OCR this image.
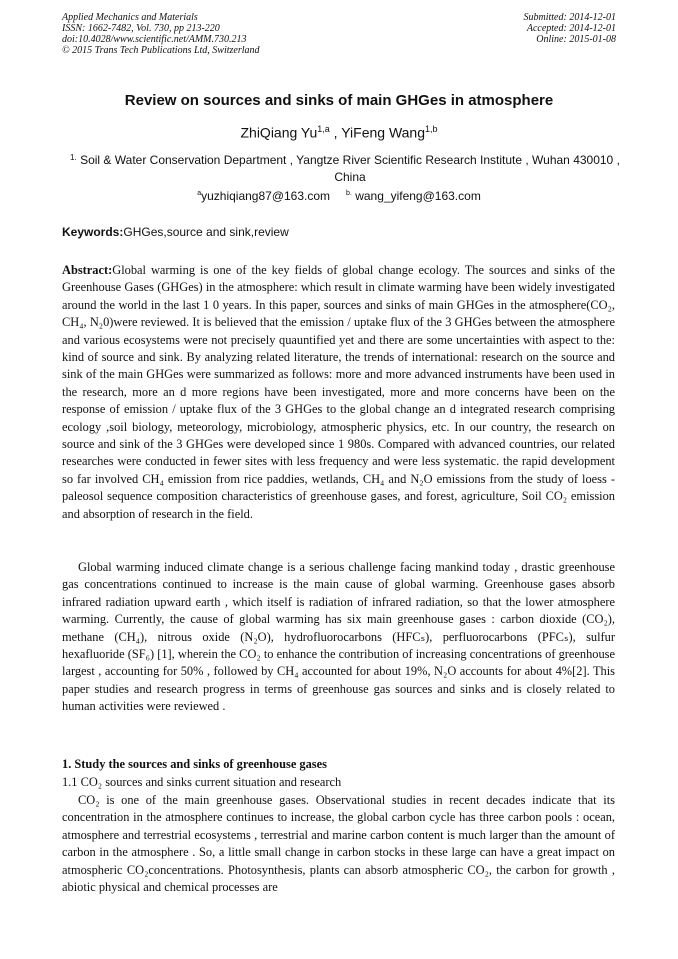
Applied Mechanics and Materials
ISSN: 1662-7482, Vol. 730, pp 213-220
doi:10.4028/www.scientific.net/AMM.730.213
© 2015 Trans Tech Publications Ltd, Switzerland
Submitted: 2014-12-01
Accepted: 2014-12-01
Online: 2015-01-08
Review on sources and sinks of main GHGes in atmosphere
ZhiQiang Yu$^{1,a}$ , YiFeng Wang$^{1,b}$
1. Soil & Water Conservation Department , Yangtze River Scientific Research Institute , Wuhan 430010 , China
$^a$yuzhiqiang87@163.com $^{b.}$ wang_yifeng@163.com
Keywords:GHGes,source and sink,review
Abstract:Global warming is one of the key fields of global change ecology. The sources and sinks of the Greenhouse Gases (GHGes) in the atmosphere: which result in climate warming have been widely investigated around the world in the last 1 0 years. In this paper, sources and sinks of main GHGes in the atmosphere(CO₂, CH₄, N₂0)were reviewed. It is believed that the emission / uptake flux of the 3 GHGes between the atmosphere and various ecosystems were not precisely quauntified yet and there are some uncertainties with aspect to the: kind of source and sink. By analyzing related literature, the trends of international: research on the source and sink of the main GHGes were summarized as follows: more and more advanced instruments have been used in the research, more an d more regions have been investigated, more and more concerns have been on the response of emission / uptake flux of the 3 GHGes to the global change an d integrated research comprising ecology ,soil biology, meteorology, microbiology, atmospheric physics, etc. In our country, the research on source and sink of the 3 GHGes were developed since 1 980s. Compared with advanced countries, our related researches were conducted in fewer sites with less frequency and were less systematic. the rapid development so far involved CH₄ emission from rice paddies, wetlands, CH₄ and N₂O emissions from the study of loess - paleosol sequence composition characteristics of greenhouse gases, and forest, agriculture, Soil CO₂ emission and absorption of research in the field.
Global warming induced climate change is a serious challenge facing mankind today , drastic greenhouse gas concentrations continued to increase is the main cause of global warming. Greenhouse gases absorb infrared radiation upward earth , which itself is radiation of infrared radiation, so that the lower atmosphere warming. Currently, the cause of global warming has six main greenhouse gases : carbon dioxide (CO₂), methane (CH₄), nitrous oxide (N₂O), hydrofluorocarbons (HFCₛ), perfluorocarbons (PFCₛ), sulfur hexafluoride (SF₆) [1], wherein the CO₂ to enhance the contribution of increasing concentrations of greenhouse largest , accounting for 50% , followed by CH₄ accounted for about 19%, N₂O accounts for about 4%[2]. This paper studies and research progress in terms of greenhouse gas sources and sinks and is closely related to human activities were reviewed .
1. Study the sources and sinks of greenhouse gases
1.1 CO₂ sources and sinks current situation and research
CO₂ is one of the main greenhouse gases. Observational studies in recent decades indicate that its concentration in the atmosphere continues to increase, the global carbon cycle has three carbon pools : ocean, atmosphere and terrestrial ecosystems , terrestrial and marine carbon content is much larger than the amount of carbon in the atmosphere . So, a little small change in carbon stocks in these large can have a great impact on atmospheric CO₂concentrations. Photosynthesis, plants can absorb atmospheric CO₂, the carbon for growth , abiotic physical and chemical processes are
